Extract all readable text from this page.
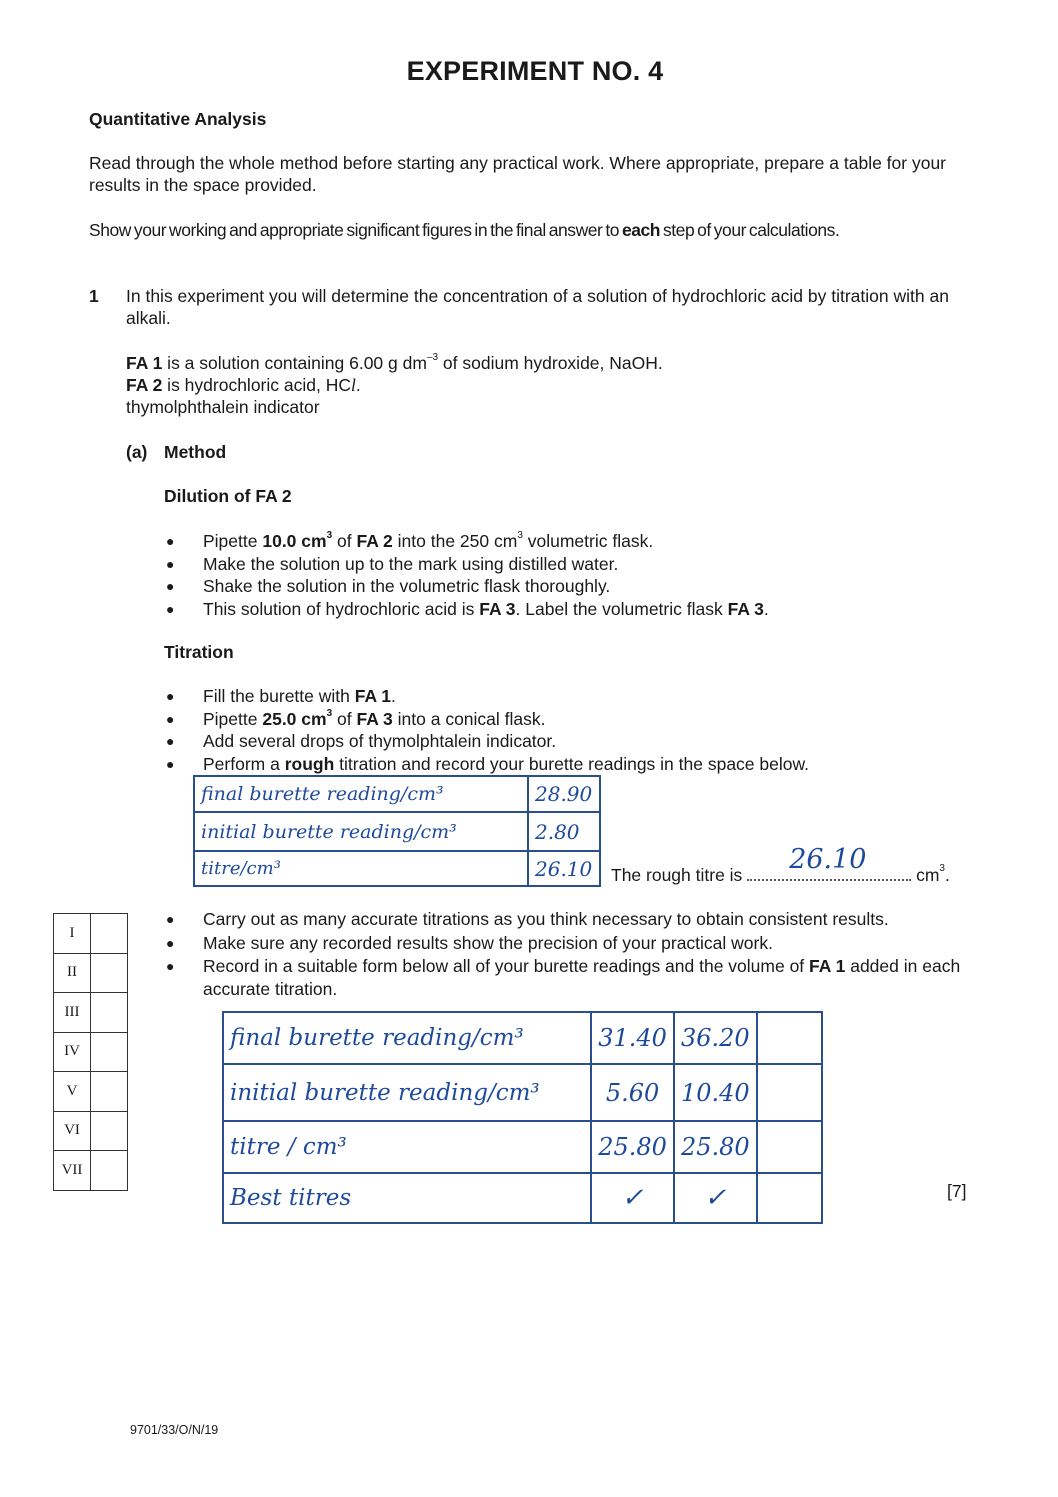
EXPERIMENT NO. 4
Quantitative Analysis
Read through the whole method before starting any practical work. Where appropriate, prepare a table for your results in the space provided.
Show your working and appropriate significant figures in the final answer to each step of your calculations.
1 In this experiment you will determine the concentration of a solution of hydrochloric acid by titration with an alkali.
FA 1 is a solution containing 6.00 g $dm^{-3}$ of sodium hydroxide, NaOH.
FA 2 is hydrochloric acid, HCl.
thymolphthalein indicator
(a) Method
Dilution of FA 2
● Pipette 10.0 $cm^3$ of FA 2 into the 250 $cm^3$ volumetric flask.
● Make the solution up to the mark using distilled water.
● Shake the solution in the volumetric flask thoroughly.
● This solution of hydrochloric acid is FA 3. Label the volumetric flask FA 3.
Titration
● Fill the burette with FA 1.
● Pipette 25.0 $cm^3$ of FA 3 into a conical flask.
● Add several drops of thymolphtalein indicator.
● Perform a rough titration and record your burette readings in the space below.
final burette reading/cm³	28.90
initial burette reading/cm³	2.80
titre/cm³	26.10 The rough titre is 26.10	$cm^3$.
I	
II	
III	
IV	
V	
VI	
VII	
● Carry out as many accurate titrations as you think necessary to obtain consistent results.
● Make sure any recorded results show the precision of your practical work.
● Record in a suitable form below all of your burette readings and the volume of FA 1 added in each accurate titration.
final burette reading/cm³	31.40	36.20	
initial burette reading/cm³	5.60	10.40	
titre / cm³	25.80	25.80	
Best titres	✓	✓		[7]
9701/33/O/N/19
